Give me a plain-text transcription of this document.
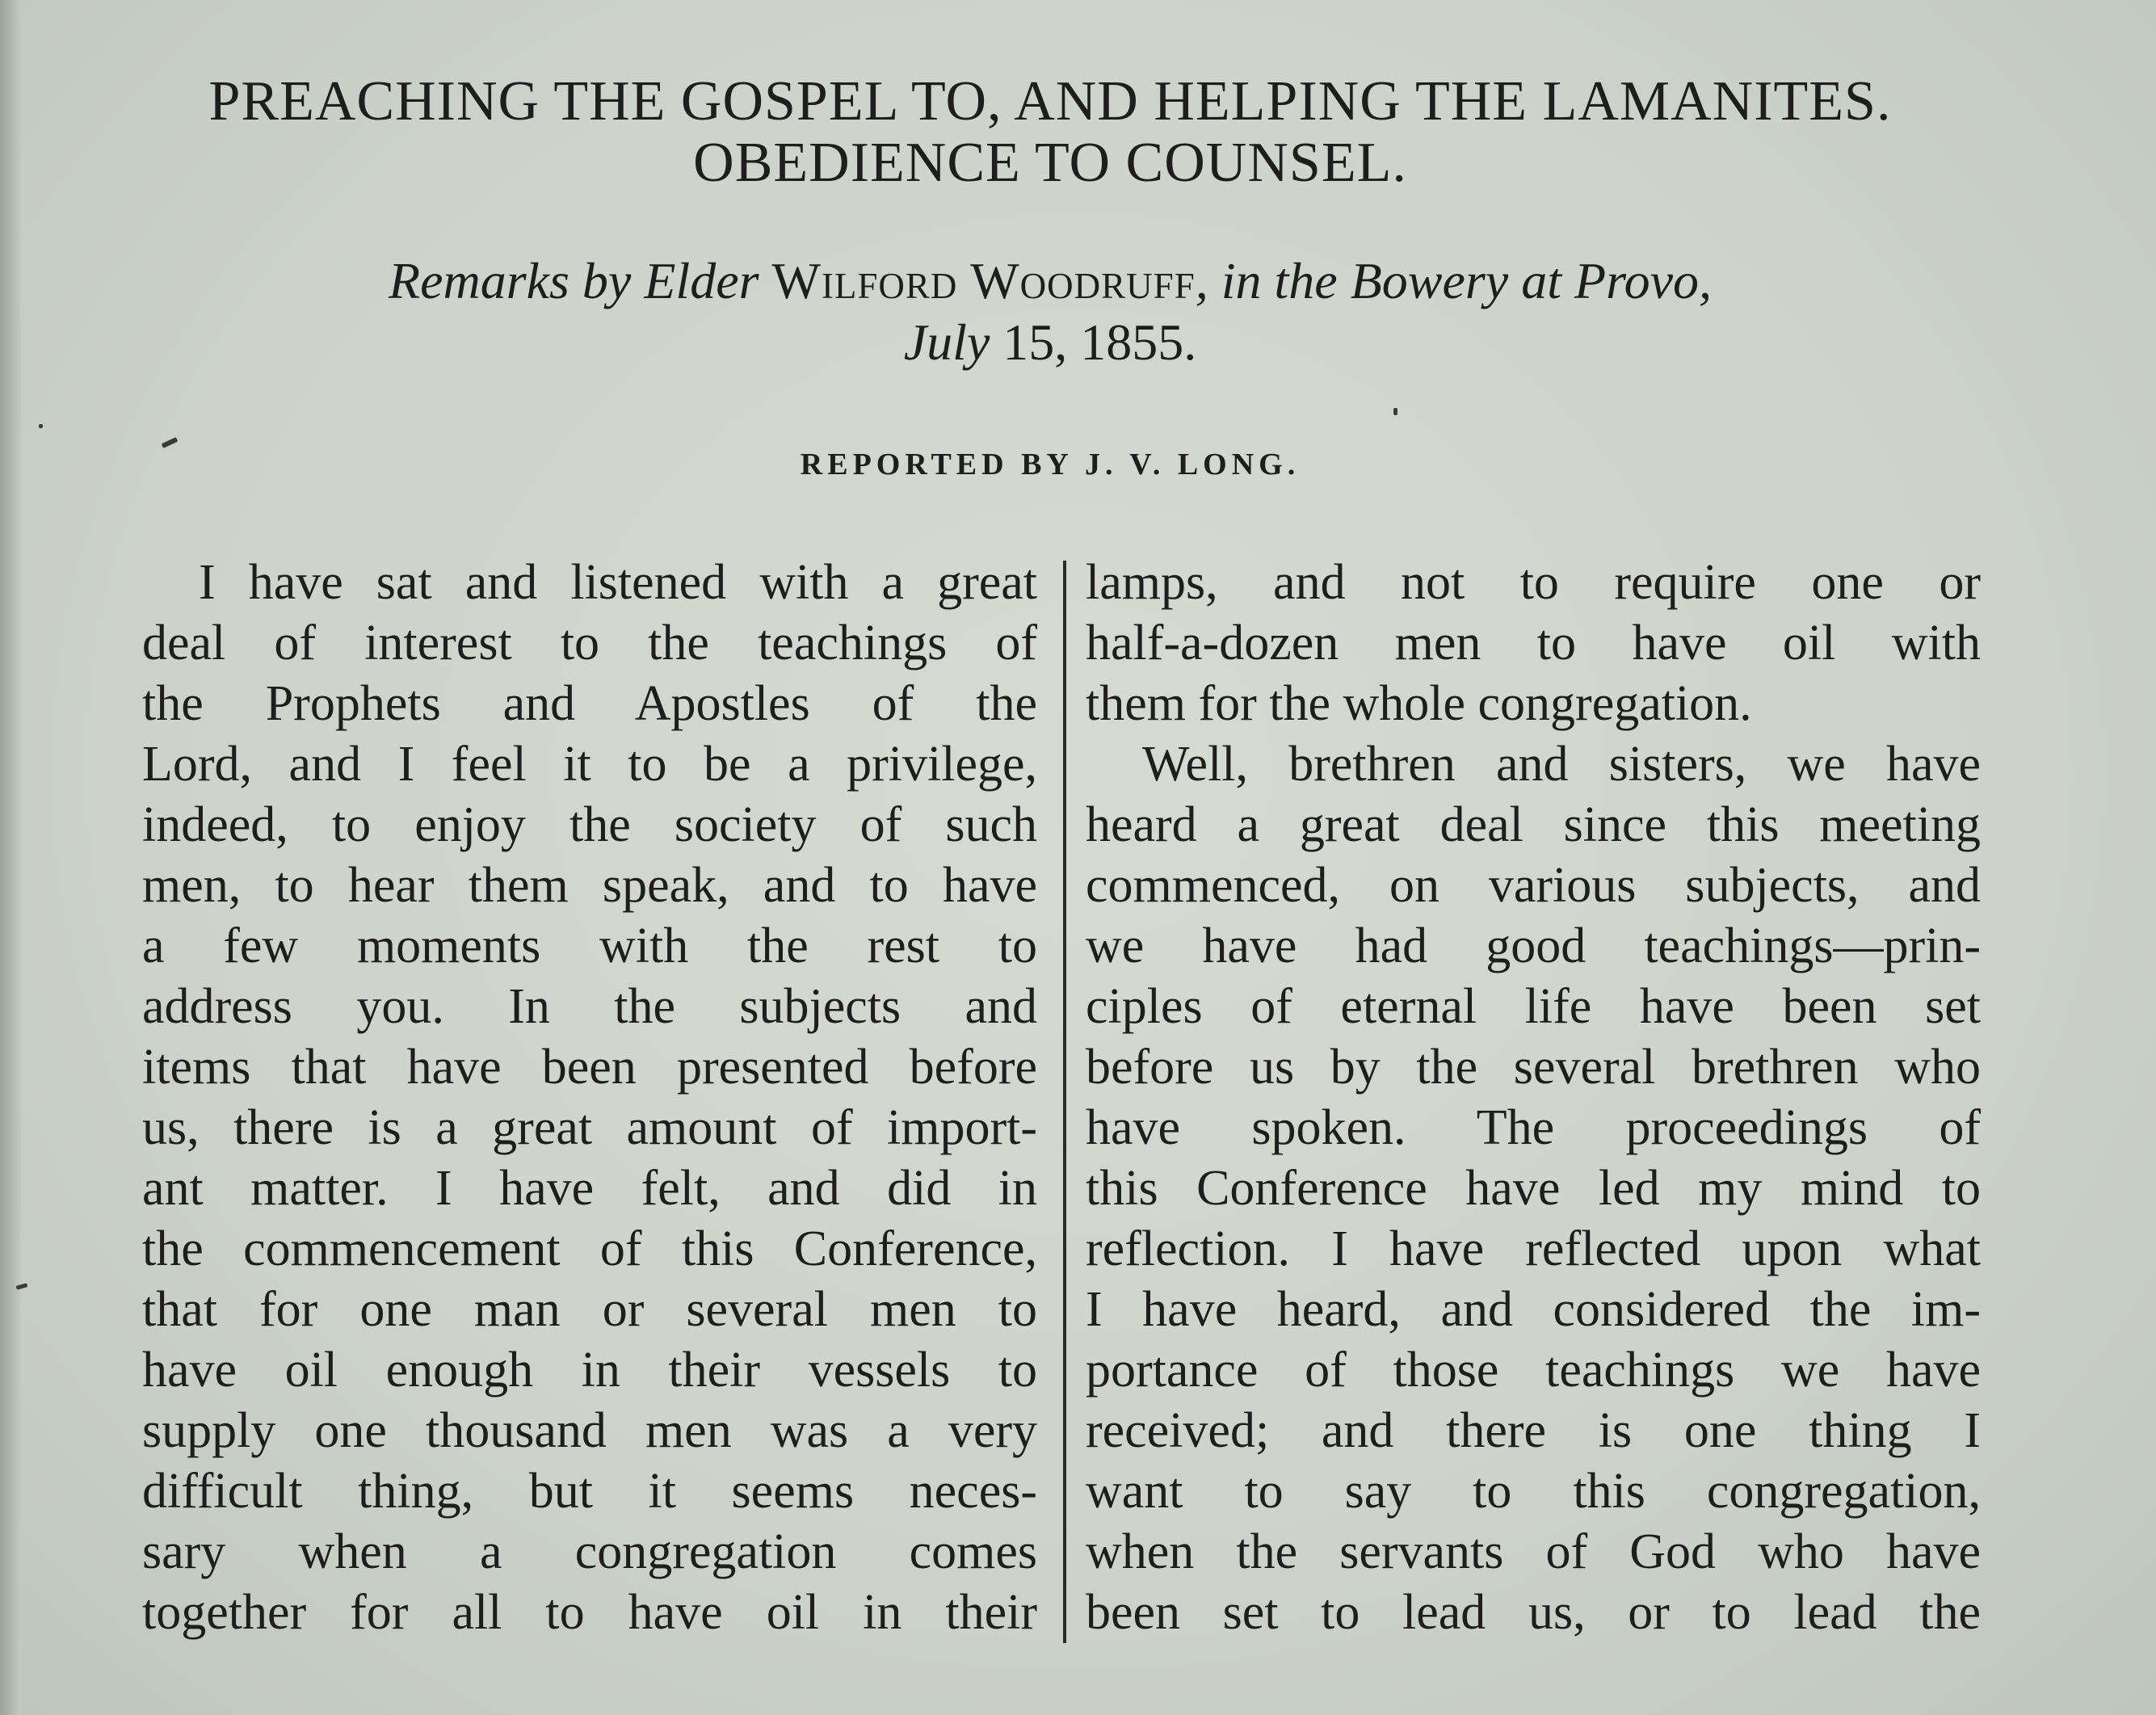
PREACHING THE GOSPEL TO, AND HELPING THE LAMANITES.
OBEDIENCE TO COUNSEL.
Remarks by Elder Wilford Woodruff, in the Bowery at Provo,
July 15, 1855.
REPORTED BY J. V. LONG.
I have sat and listened with a great
deal of interest to the teachings of
the Prophets and Apostles of the
Lord, and I feel it to be a privilege,
indeed, to enjoy the society of such
men, to hear them speak, and to have
a few moments with the rest to
address you. In the subjects and
items that have been presented before
us, there is a great amount of import-
ant matter. I have felt, and did in
the commencement of this Conference,
that for one man or several men to
have oil enough in their vessels to
supply one thousand men was a very
difficult thing, but it seems neces-
sary when a congregation comes
together for all to have oil in their
lamps, and not to require one or
half-a-dozen men to have oil with
them for the whole congregation.
Well, brethren and sisters, we have
heard a great deal since this meeting
commenced, on various subjects, and
we have had good teachings—prin-
ciples of eternal life have been set
before us by the several brethren who
have spoken. The proceedings of
this Conference have led my mind to
reflection. I have reflected upon what
I have heard, and considered the im-
portance of those teachings we have
received; and there is one thing I
want to say to this congregation,
when the servants of God who have
been set to lead us, or to lead the
